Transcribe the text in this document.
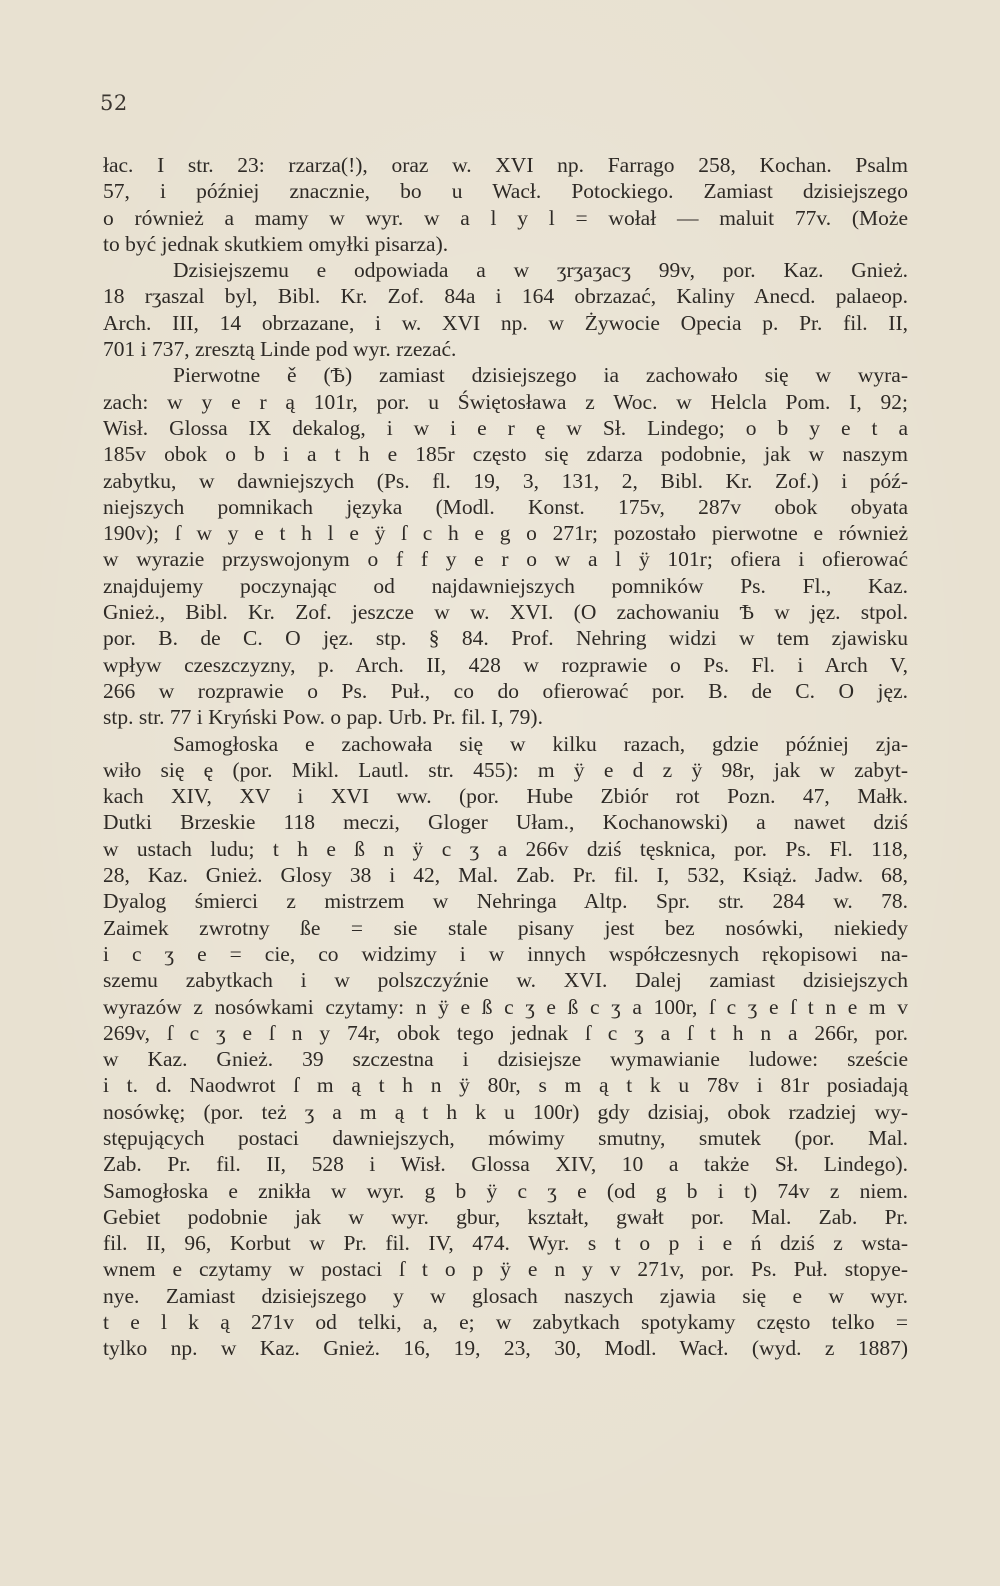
52
łac. I str. 23: rzarza(!), oraz w. XVI np. Farrago 258, Kochan. Psalm
57, i później znacznie, bo u Wacł. Potockiego. Zamiast dzisiejszego
o również a mamy w wyr. w a l y l = wołał — maluit 77v. (Może
to być jednak skutkiem omyłki pisarza).
Dzisiejszemu e odpowiada a w ʒrʒaʒacʒ 99v, por. Kaz. Gnież.
18 rʒaszal byl, Bibl. Kr. Zof. 84a i 164 obrzazać, Kaliny Anecd. palaeop.
Arch. III, 14 obrzazane, i w. XVI np. w Żywocie Opecia p. Pr. fil. II,
701 i 737, zresztą Linde pod wyr. rzezać.
Pierwotne ě (Ѣ) zamiast dzisiejszego ia zachowało się w wyra-
zach: w y e r ą 101r, por. u Świętosława z Woc. w Helcla Pom. I, 92;
Wisł. Glossa IX dekalog, i w i e r ę w Sł. Lindego; o b y e t a
185v obok o b i a t h e 185r często się zdarza podobnie, jak w naszym
zabytku, w dawniejszych (Ps. fl. 19, 3, 131, 2, Bibl. Kr. Zof.) i póź-
niejszych pomnikach języka (Modl. Konst. 175v, 287v obok obyata
190v); ſ w y e t h l e ÿ ſ c h e g o 271r; pozostało pierwotne e również
w wyrazie przyswojonym o f f y e r o w a l ÿ 101r; ofiera i ofierować
znajdujemy poczynając od najdawniejszych pomników Ps. Fl., Kaz.
Gnież., Bibl. Kr. Zof. jeszcze w w. XVI. (O zachowaniu Ѣ w jęz. stpol.
por. B. de C. O jęz. stp. § 84. Prof. Nehring widzi w tem zjawisku
wpływ czeszczyzny, p. Arch. II, 428 w rozprawie o Ps. Fl. i Arch V,
266 w rozprawie o Ps. Puł., co do ofierować por. B. de C. O jęz.
stp. str. 77 i Kryński Pow. o pap. Urb. Pr. fil. I, 79).
Samogłoska e zachowała się w kilku razach, gdzie później zja-
wiło się ę (por. Mikl. Lautl. str. 455): m ÿ e d z ÿ 98r, jak w zabyt-
kach XIV, XV i XVI ww. (por. Hube Zbiór rot Pozn. 47, Małk.
Dutki Brzeskie 118 meczi, Gloger Ułam., Kochanowski) a nawet dziś
w ustach ludu; t h e ß n ÿ c ʒ a 266v dziś tęsknica, por. Ps. Fl. 118,
28, Kaz. Gnież. Glosy 38 i 42, Mal. Zab. Pr. fil. I, 532, Książ. Jadw. 68,
Dyalog śmierci z mistrzem w Nehringa Altp. Spr. str. 284 w. 78.
Zaimek zwrotny ße = sie stale pisany jest bez nosówki, niekiedy
i c ʒ e = cie, co widzimy i w innych współczesnych rękopisowi na-
szemu zabytkach i w polszczyźnie w. XVI. Dalej zamiast dzisiejszych
wyrazów z nosówkami czytamy: n ÿ e ß c ʒ e ß c ʒ a 100r, ſ c ʒ e ſ t n e m v
269v, ſ c ʒ e ſ n y 74r, obok tego jednak ſ c ʒ a ſ t h n a 266r, por.
w Kaz. Gnież. 39 szczestna i dzisiejsze wymawianie ludowe: szeście
i t. d. Naodwrot ſ m ą t h n ÿ 80r, s m ą t k u 78v i 81r posiadają
nosówkę; (por. też ʒ a m ą t h k u 100r) gdy dzisiaj, obok rzadziej wy-
stępujących postaci dawniejszych, mówimy smutny, smutek (por. Mal.
Zab. Pr. fil. II, 528 i Wisł. Glossa XIV, 10 a także Sł. Lindego).
Samogłoska e znikła w wyr. g b ÿ c ʒ e (od g b i t) 74v z niem.
Gebiet podobnie jak w wyr. gbur, kształt, gwałt por. Mal. Zab. Pr.
fil. II, 96, Korbut w Pr. fil. IV, 474. Wyr. s t o p i e ń dziś z wsta-
wnem e czytamy w postaci ſ t o p ÿ e n y v 271v, por. Ps. Puł. stopye-
nye. Zamiast dzisiejszego y w glosach naszych zjawia się e w wyr.
t e l k ą 271v od telki, a, e; w zabytkach spotykamy często telko =
tylko np. w Kaz. Gnież. 16, 19, 23, 30, Modl. Wacł. (wyd. z 1887)
